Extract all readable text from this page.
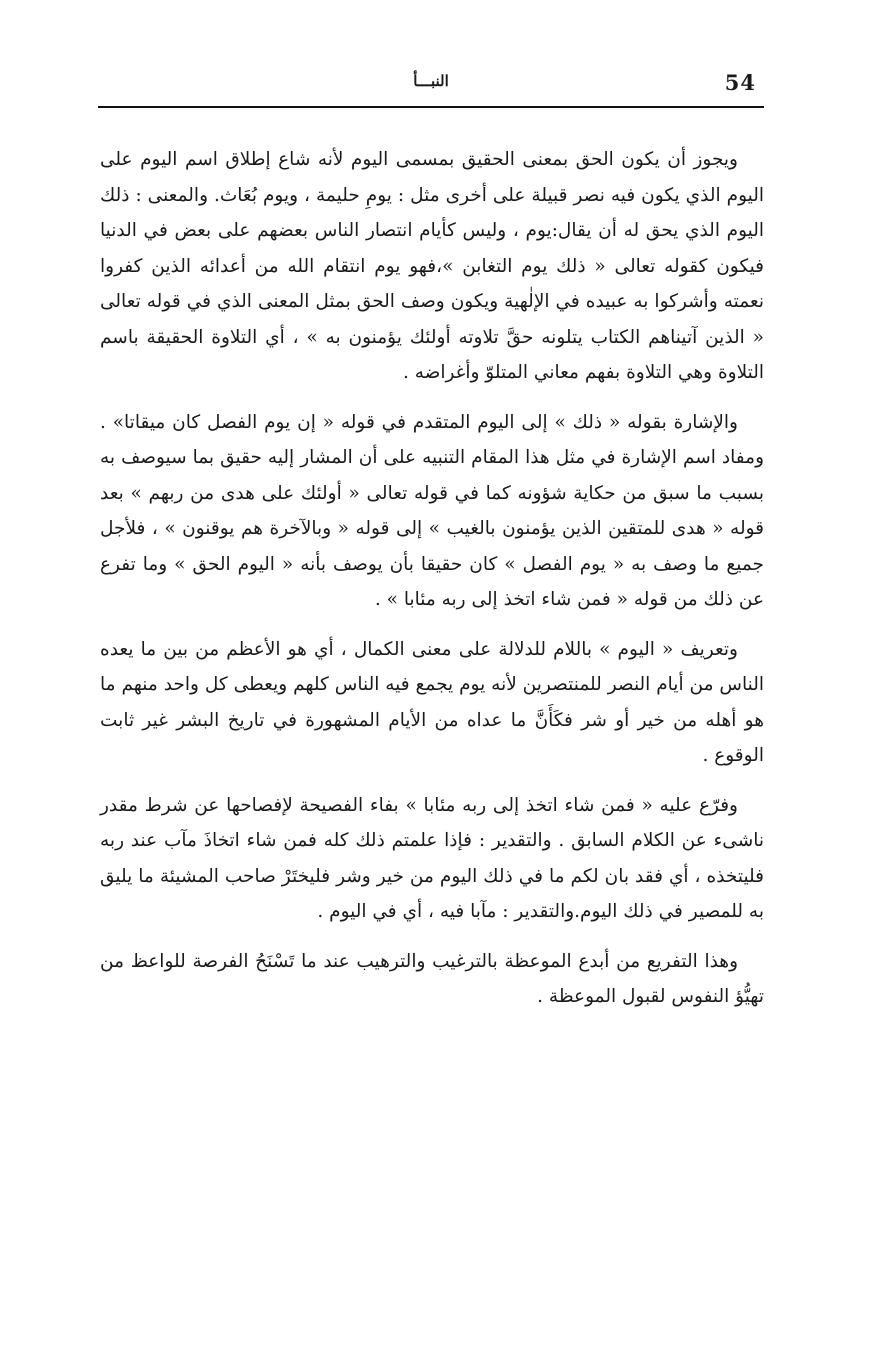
54
النبـــأ

ويجوز أن يكون الحق بمعنى الحقيق بمسمى اليوم لأنه شاع إطلاق اسم اليوم على اليوم الذي يكون فيه نصر قبيلة على أخرى مثل : يومِ حليمة ، ويوم بُعَاث. والمعنى : ذلك اليوم الذي يحق له أن يقال:يوم ، وليس كأيام انتصار الناس بعضهم على بعض في الدنيا فيكون كقوله تعالى « ذلك يوم التغابن »،فهو يوم انتقام الله من أعدائه الذين كفروا نعمته وأشركوا به عبيده في الإلٰهية ويكون وصف الحق بمثل المعنى الذي في قوله تعالى « الذين آتيناهم الكتاب يتلونه حقَّ تلاوته أولئك يؤمنون به » ، أي التلاوة الحقيقة باسم التلاوة وهي التلاوة بفهم معاني المتلوّ وأغراضه .

والإشارة بقوله « ذلك » إلى اليوم المتقدم في قوله « إن يوم الفصل كان ميقاتا» . ومفاد اسم الإشارة في مثل هذا المقام التنبيه على أن المشار إليه حقيق بما سيوصف به بسبب ما سبق من حكاية شؤونه كما في قوله تعالى « أولئك على هدى من ربهم » بعد قوله « هدى للمتقين الذين يؤمنون بالغيب » إلى قوله « وبالآخرة هم يوقنون » ، فلأجل جميع ما وصف به « يوم الفصل » كان حقيقا بأن يوصف بأنه « اليوم الحق » وما تفرع عن ذلك من قوله « فمن شاء اتخذ إلى ربه مئابا » .

وتعريف « اليوم » باللام للدلالة على معنى الكمال ، أي هو الأعظم من بين ما يعده الناس من أيام النصر للمنتصرين لأنه يوم يجمع فيه الناس كلهم ويعطى كل واحد منهم ما هو أهله من خير أو شر فكَأَنَّ ما عداه من الأيام المشهورة في تاريخ البشر غير ثابت الوقوع .

وفرّع عليه « فمن شاء اتخذ إلى ربه مئابا » بفاء الفصيحة لإفصاحها عن شرط مقدر ناشىء عن الكلام السابق . والتقدير : فإذا علمتم ذلك كله فمن شاء اتخاذَ مآب عند ربه فليتخذه ، أي فقد بان لكم ما في ذلك اليوم من خير وشر فليختَرْ صاحب المشيئة ما يليق به للمصير في ذلك اليوم.والتقدير : مآبا فيه ، أي في اليوم .

وهذا التفريع من أبدع الموعظة بالترغيب والترهيب عند ما تَسْنَحُ الفرصة للواعظ من تهيُّؤ النفوس لقبول الموعظة .
